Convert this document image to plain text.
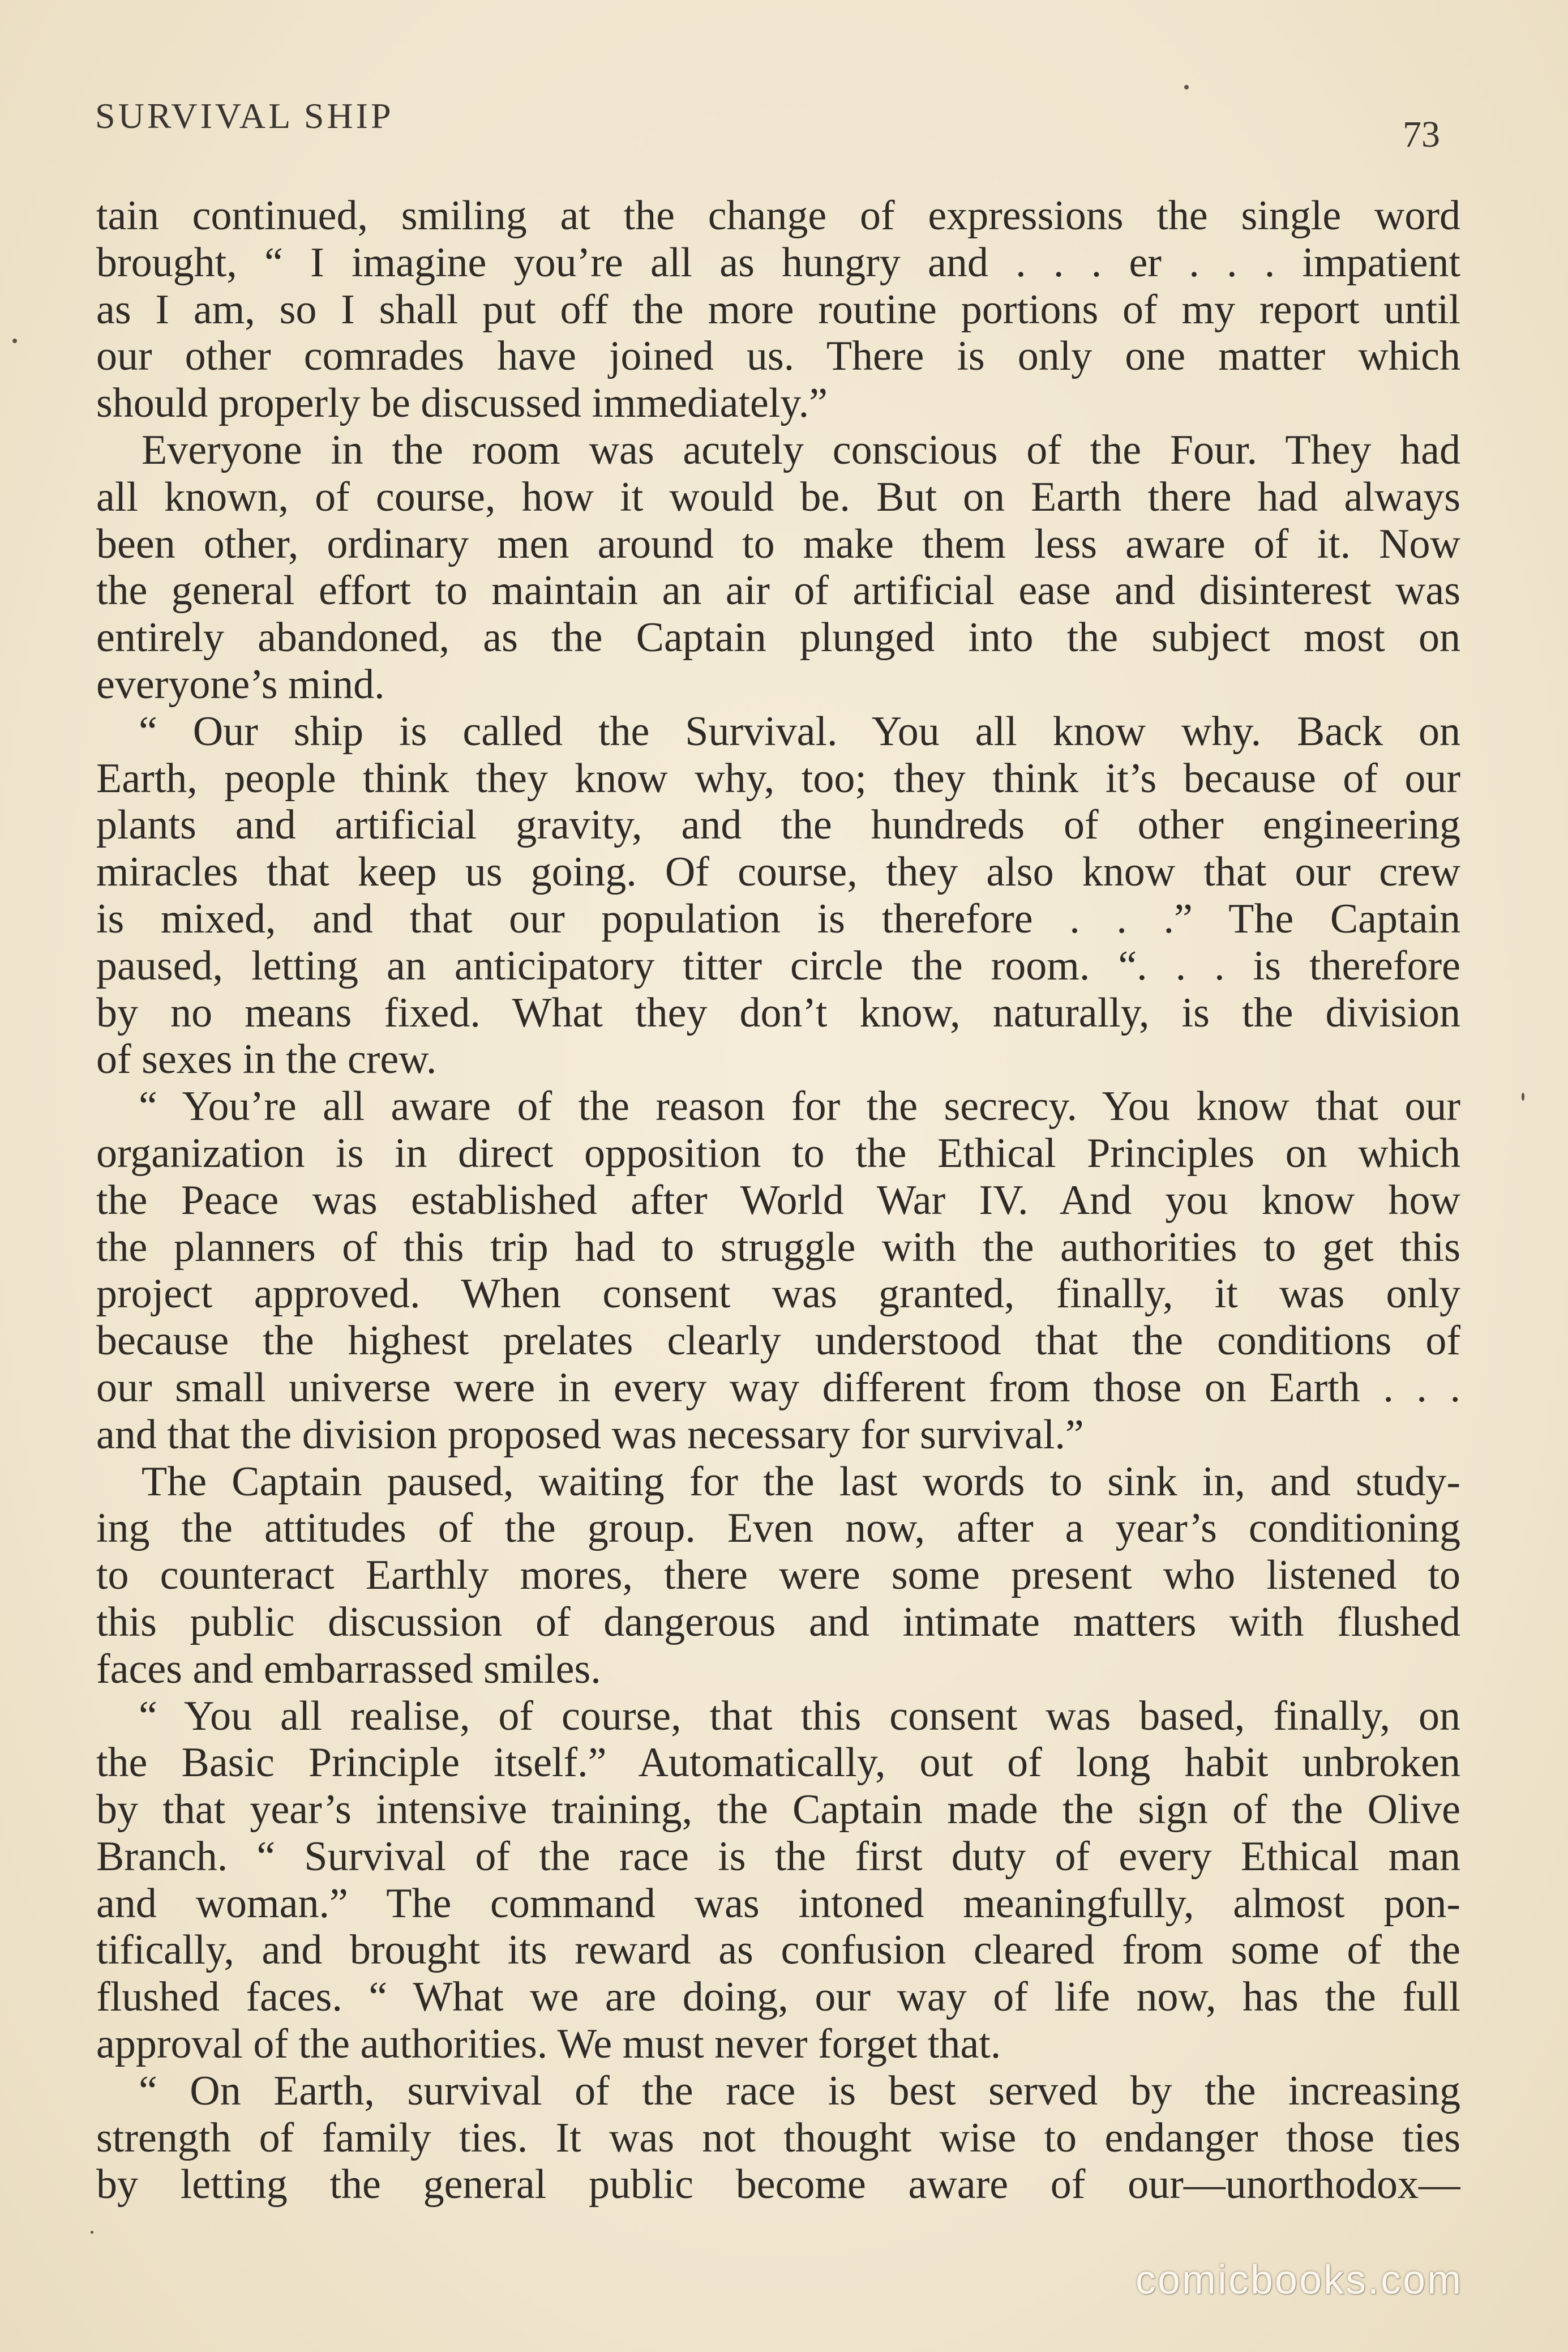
SURVIVAL SHIP	73
tain continued, smiling at the change of expressions the single word
brought, “ I imagine you’re all as hungry and . . . er . . . impatient
as I am, so I shall put off the more routine portions of my report until
our other comrades have joined us. There is only one matter which
should properly be discussed immediately.”
Everyone in the room was acutely conscious of the Four. They had
all known, of course, how it would be. But on Earth there had always
been other, ordinary men around to make them less aware of it. Now
the general effort to maintain an air of artificial ease and disinterest was
entirely abandoned, as the Captain plunged into the subject most on
everyone’s mind.
“ Our ship is called the Survival. You all know why. Back on
Earth, people think they know why, too; they think it’s because of our
plants and artificial gravity, and the hundreds of other engineering
miracles that keep us going. Of course, they also know that our crew
is mixed, and that our population is therefore . . .” The Captain
paused, letting an anticipatory titter circle the room. “. . . is therefore
by no means fixed. What they don’t know, naturally, is the division
of sexes in the crew.
“ You’re all aware of the reason for the secrecy. You know that our
organization is in direct opposition to the Ethical Principles on which
the Peace was established after World War IV. And you know how
the planners of this trip had to struggle with the authorities to get this
project approved. When consent was granted, finally, it was only
because the highest prelates clearly understood that the conditions of
our small universe were in every way different from those on Earth . . .
and that the division proposed was necessary for survival.”
The Captain paused, waiting for the last words to sink in, and study-
ing the attitudes of the group. Even now, after a year’s conditioning
to counteract Earthly mores, there were some present who listened to
this public discussion of dangerous and intimate matters with flushed
faces and embarrassed smiles.
“ You all realise, of course, that this consent was based, finally, on
the Basic Principle itself.” Automatically, out of long habit unbroken
by that year’s intensive training, the Captain made the sign of the Olive
Branch. “ Survival of the race is the first duty of every Ethical man
and woman.” The command was intoned meaningfully, almost pon-
tifically, and brought its reward as confusion cleared from some of the
flushed faces. “ What we are doing, our way of life now, has the full
approval of the authorities. We must never forget that.
“ On Earth, survival of the race is best served by the increasing
strength of family ties. It was not thought wise to endanger those ties
by letting the general public become aware of our—unorthodox—
comicbooks.com
